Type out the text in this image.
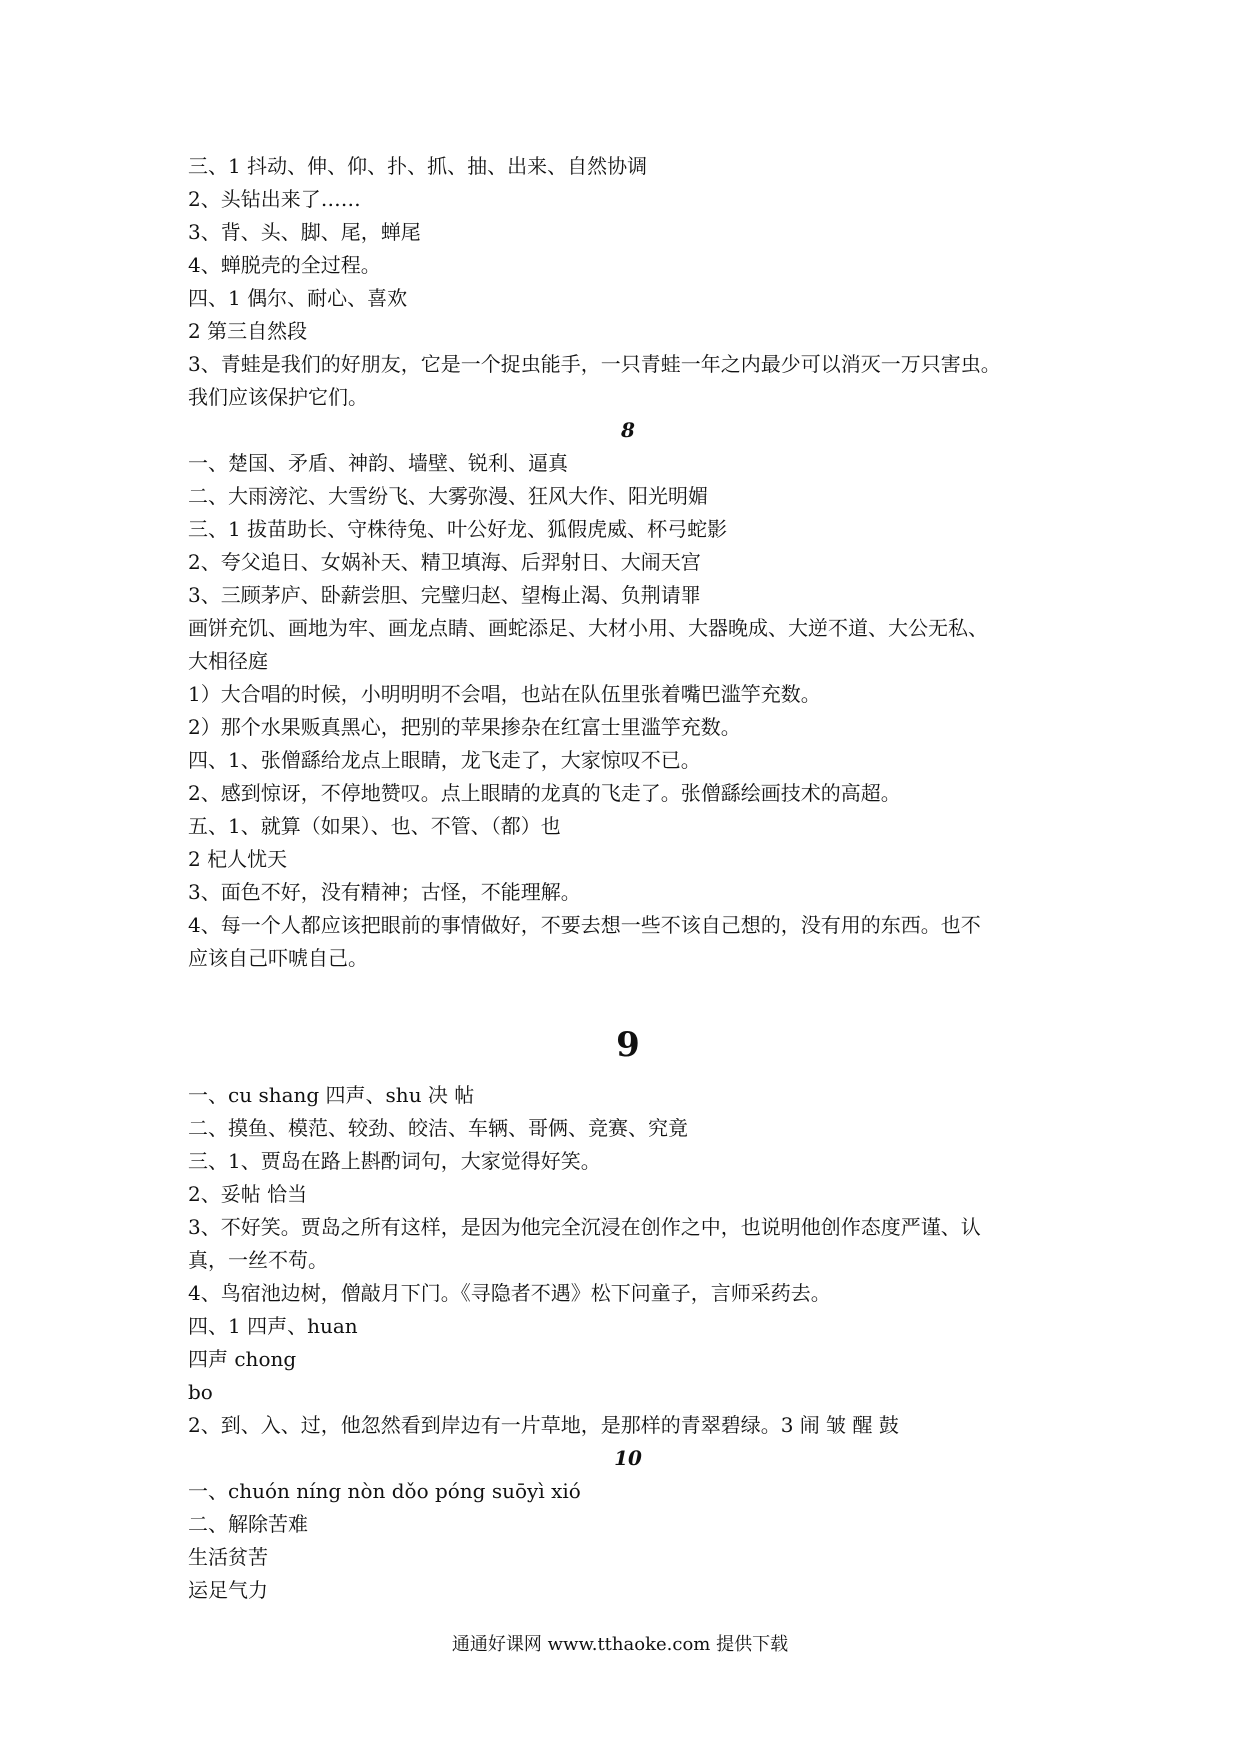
三、1 抖动、伸、仰、扑、抓、抽、出来、自然协调
2、头钻出来了……
3、背、头、脚、尾，蝉尾
4、蝉脱壳的全过程。
四、1 偶尔、耐心、喜欢
2 第三自然段
3、青蛙是我们的好朋友，它是一个捉虫能手，一只青蛙一年之内最少可以消灭一万只害虫。
我们应该保护它们。
8
一、楚国、矛盾、神韵、墙壁、锐利、逼真
二、大雨滂沱、大雪纷飞、大雾弥漫、狂风大作、阳光明媚
三、1 拔苗助长、守株待兔、叶公好龙、狐假虎威、杯弓蛇影
2、夸父追日、女娲补天、精卫填海、后羿射日、大闹天宫
3、三顾茅庐、卧薪尝胆、完璧归赵、望梅止渴、负荆请罪
画饼充饥、画地为牢、画龙点睛、画蛇添足、大材小用、大器晚成、大逆不道、大公无私、
大相径庭
1）大合唱的时候，小明明明不会唱，也站在队伍里张着嘴巴滥竽充数。
2）那个水果贩真黑心，把别的苹果掺杂在红富士里滥竽充数。
四、1、张僧繇给龙点上眼睛，龙飞走了，大家惊叹不已。
2、感到惊讶，不停地赞叹。点上眼睛的龙真的飞走了。张僧繇绘画技术的高超。
五、1、就算（如果）、也、不管、（都）也
2 杞人忧天
3、面色不好，没有精神；古怪，不能理解。
4、每一个人都应该把眼前的事情做好，不要去想一些不该自己想的，没有用的东西。也不
应该自己吓唬自己。
9
一、cu shang 四声、shu 决 帖
二、摸鱼、模范、较劲、皎洁、车辆、哥俩、竞赛、究竟
三、1、贾岛在路上斟酌词句，大家觉得好笑。
2、妥帖 恰当
3、不好笑。贾岛之所有这样，是因为他完全沉浸在创作之中，也说明他创作态度严谨、认
真，一丝不苟。
4、鸟宿池边树，僧敲月下门。《寻隐者不遇》松下问童子，言师采药去。
四、1 四声、huan
四声 chong
bo
2、到、入、过，他忽然看到岸边有一片草地，是那样的青翠碧绿。3 闹 皱 醒 鼓
10
一、chuón níng nòn dǒo póng suōyì xió
二、解除苦难
生活贫苦
运足气力
通通好课网 www.tthaoke.com 提供下载
